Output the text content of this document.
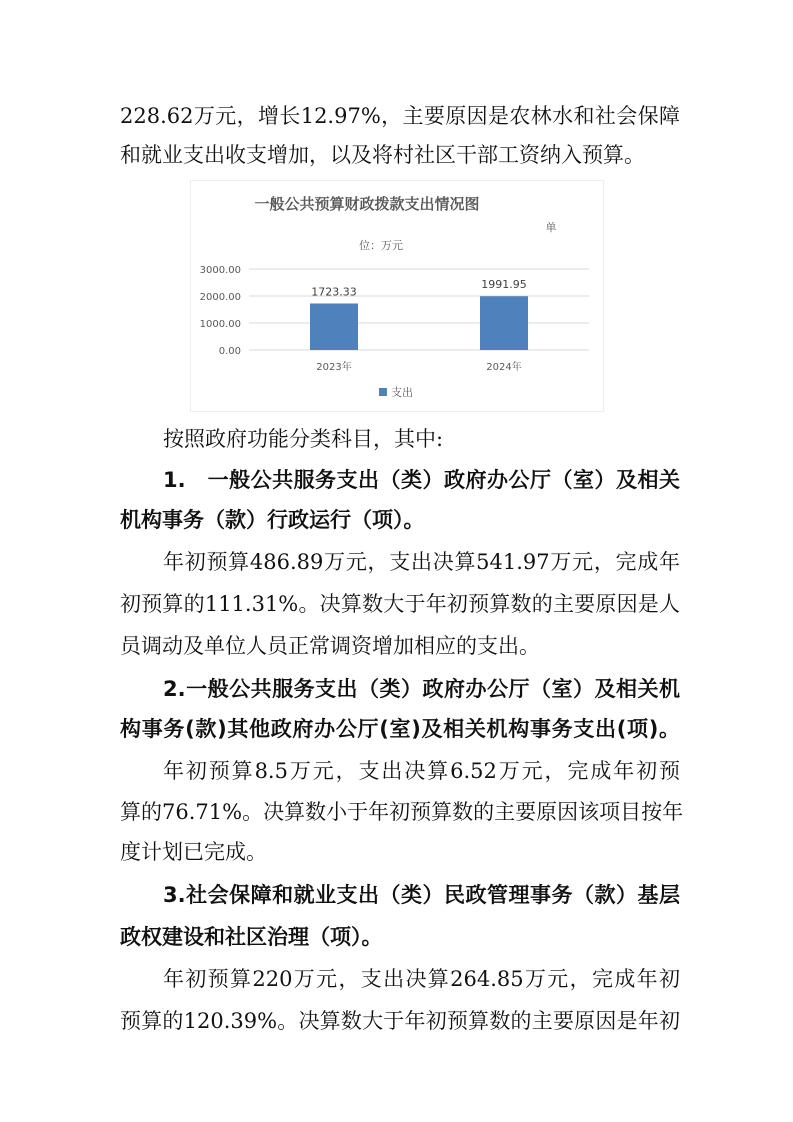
228.62万元，增长12.97%，主要原因是农林水和社会保障
和就业支出收支增加，以及将村社区干部工资纳入预算。
按照政府功能分类科目，其中:
1.　一般公共服务支出（类）政府办公厅（室）及相关
机构事务（款）行政运行（项）。
年初预算486.89万元，支出决算541.97万元，完成年
初预算的111.31%。决算数大于年初预算数的主要原因是人
员调动及单位人员正常调资增加相应的支出。
2.一般公共服务支出（类）政府办公厅（室）及相关机
构事务(款)其他政府办公厅(室)及相关机构事务支出(项)。
年初预算8.5万元，支出决算6.52万元，完成年初预
算的76.71%。决算数小于年初预算数的主要原因该项目按年
度计划已完成。
3.社会保障和就业支出（类）民政管理事务（款）基层
政权建设和社区治理（项）。
年初预算220万元，支出决算264.85万元，完成年初
预算的120.39%。决算数大于年初预算数的主要原因是年初
一般公共预算财政拨款支出情况图
单
位：万元
0.00
1000.00
2000.00
3000.00
1723.33
2023年
1991.95
2024年
支出
